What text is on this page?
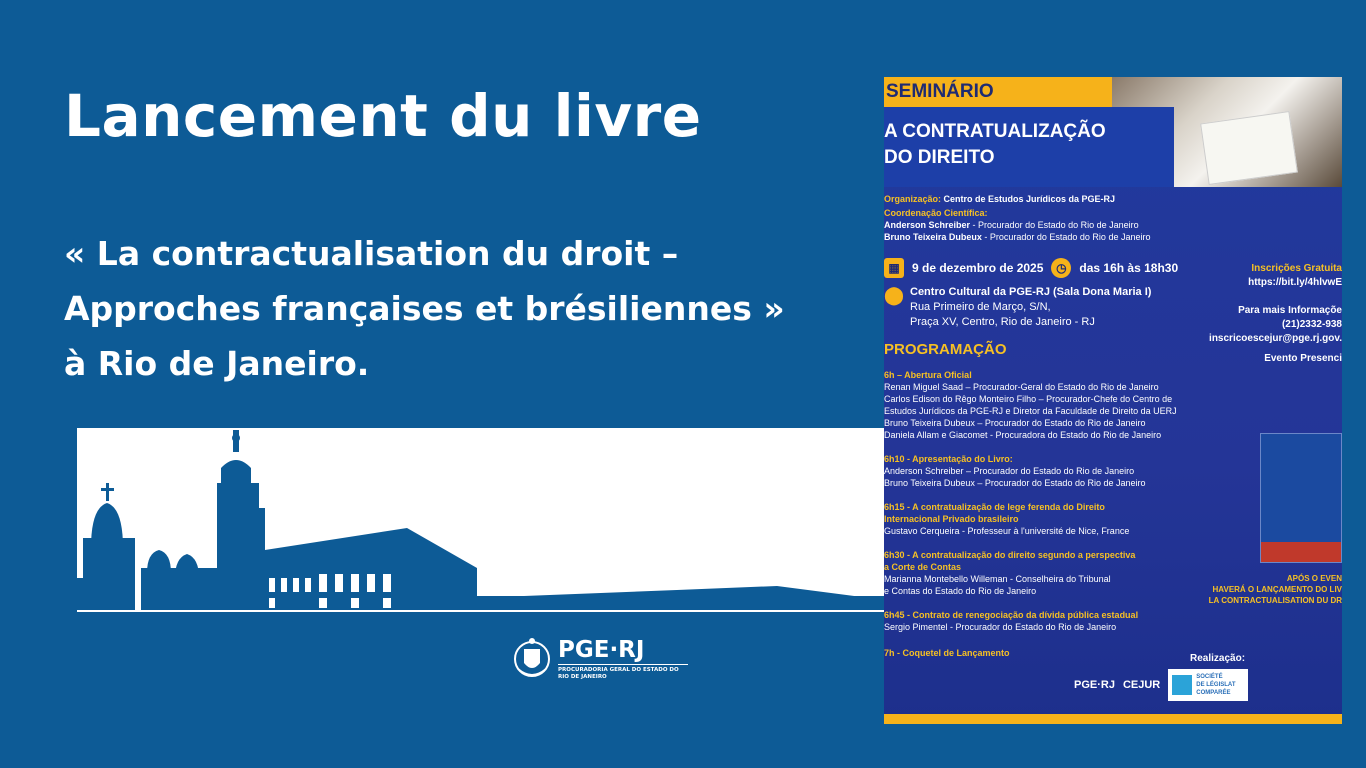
Lancement du livre
« La contractualisation du droit –
Approches françaises et brésiliennes »
à Rio de Janeiro.
PGE·RJ
PROCURADORIA GERAL DO ESTADO DO RIO DE JANEIRO
SEMINÁRIO
A CONTRATUALIZAÇÃO
DO DIREITO
Organização: Centro de Estudos Jurídicos da PGE-RJ
Coordenação Científica:
Anderson Schreiber - Procurador do Estado do Rio de Janeiro
Bruno Teixeira Dubeux - Procurador do Estado do Rio de Janeiro
▦	9 de dezembro de 2025	◷	das 16h às 18h30
⬤ Centro Cultural da PGE-RJ (Sala Dona Maria I)
Rua Primeiro de Março, S/N,
Praça XV, Centro, Rio de Janeiro - RJ
Inscrições Gratuita
https://bit.ly/4hlvwE
Para mais Informaçõe
(21)2332-938
inscricoescejur@pge.rj.gov.
Evento Presenci
PROGRAMAÇÃO
6h – Abertura Oficial
Renan Miguel Saad – Procurador-Geral do Estado do Rio de Janeiro
Carlos Edison do Rêgo Monteiro Filho – Procurador-Chefe do Centro de
Estudos Jurídicos da PGE-RJ e Diretor da Faculdade de Direito da UERJ
Bruno Teixeira Dubeux – Procurador do Estado do Rio de Janeiro
Daniela Allam e Giacomet - Procuradora do Estado do Rio de Janeiro
6h10 - Apresentação do Livro:
Anderson Schreiber – Procurador do Estado do Rio de Janeiro
Bruno Teixeira Dubeux – Procurador do Estado do Rio de Janeiro
6h15 - A contratualização de lege ferenda do Direito
Internacional Privado brasileiro
Gustavo Cerqueira - Professeur à l'université de Nice, France
6h30 - A contratualização do direito segundo a perspectiva
a Corte de Contas
Marianna Montebello Willeman - Conselheira do Tribunal
e Contas do Estado do Rio de Janeiro
6h45 - Contrato de renegociação da dívida pública estadual
Sergio Pimentel - Procurador do Estado do Rio de Janeiro
7h - Coquetel de Lançamento
APÓS O EVEN
HAVERÁ O LANÇAMENTO DO LIV
LA CONTRACTUALISATION DU DR
Realização:
PGE·RJ CEJUR
SOCIÉTÉ
DE LÉGISLAT
COMPARÉE
